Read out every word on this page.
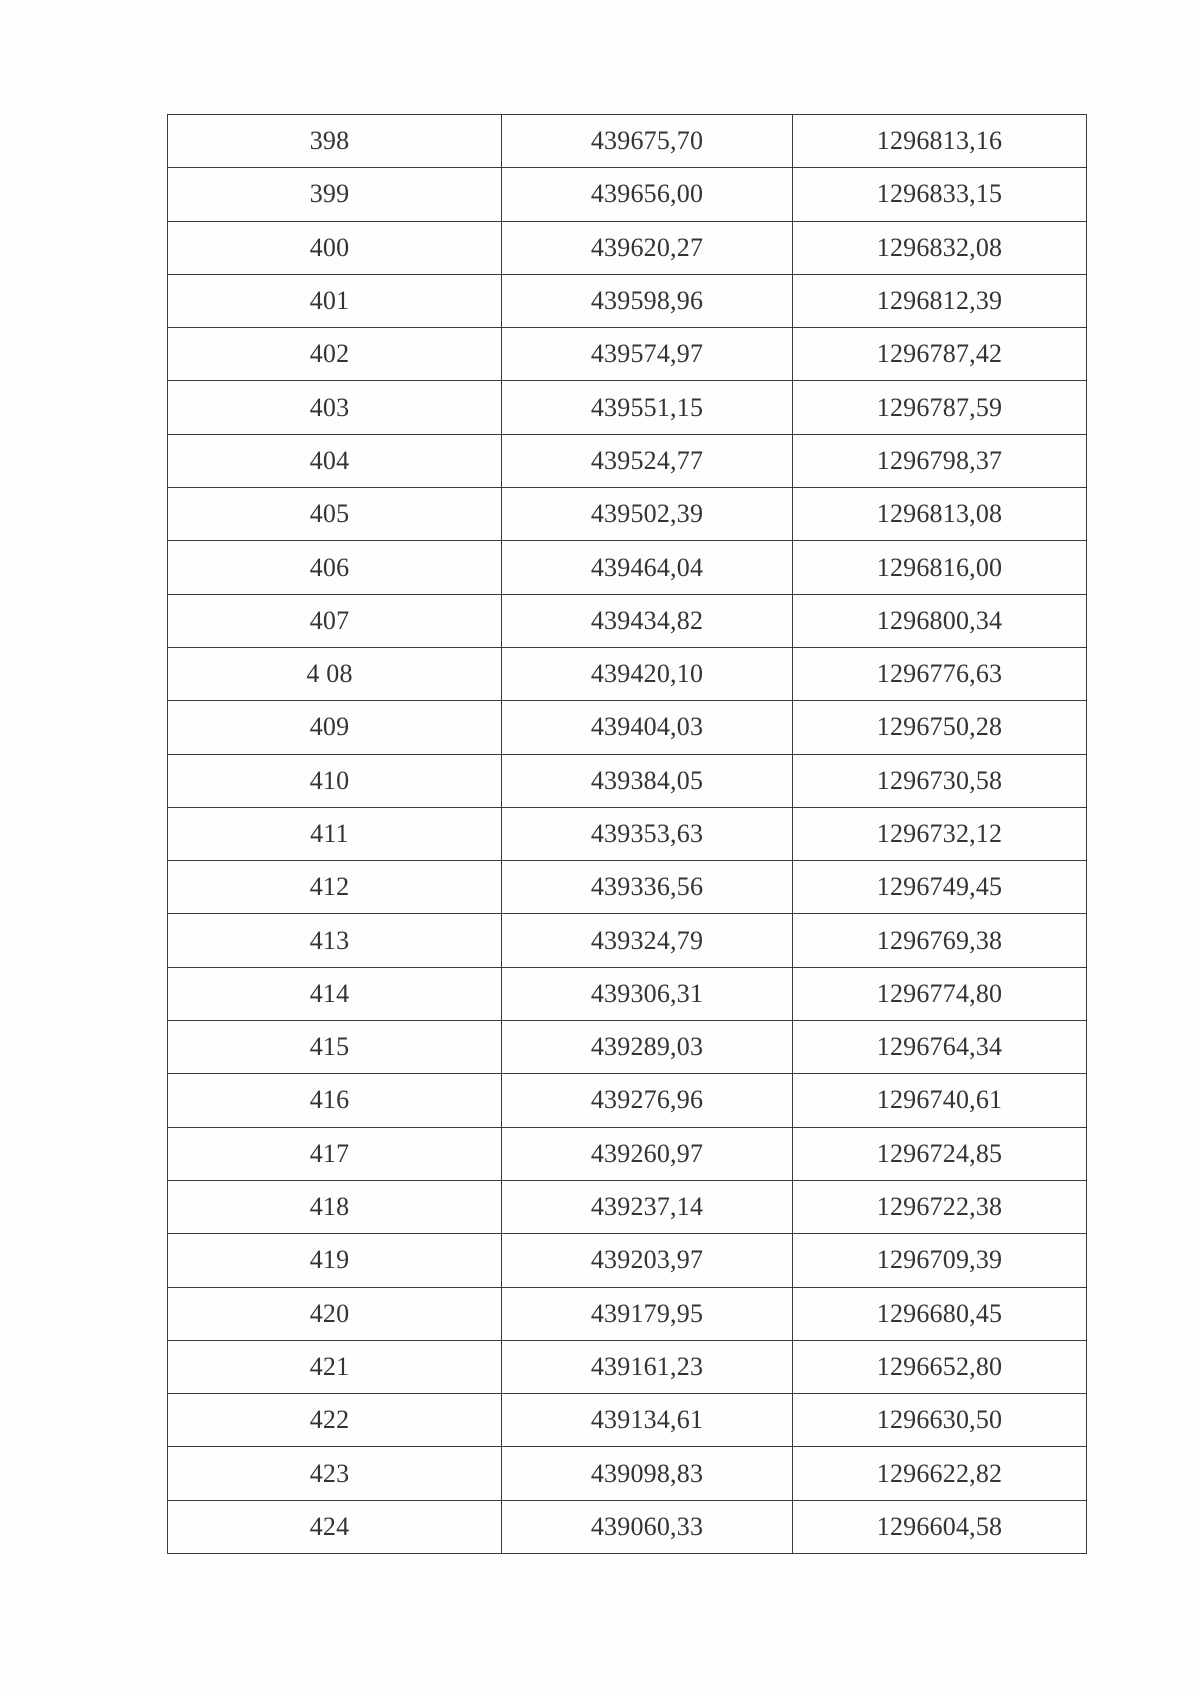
398	439675,70	1296813,16
399	439656,00	1296833,15
400	439620,27	1296832,08
401	439598,96	1296812,39
402	439574,97	1296787,42
403	439551,15	1296787,59
404	439524,77	1296798,37
405	439502,39	1296813,08
406	439464,04	1296816,00
407	439434,82	1296800,34
4 08	439420,10	1296776,63
409	439404,03	1296750,28
410	439384,05	1296730,58
411	439353,63	1296732,12
412	439336,56	1296749,45
413	439324,79	1296769,38
414	439306,31	1296774,80
415	439289,03	1296764,34
416	439276,96	1296740,61
417	439260,97	1296724,85
418	439237,14	1296722,38
419	439203,97	1296709,39
420	439179,95	1296680,45
421	439161,23	1296652,80
422	439134,61	1296630,50
423	439098,83	1296622,82
424	439060,33	1296604,58
